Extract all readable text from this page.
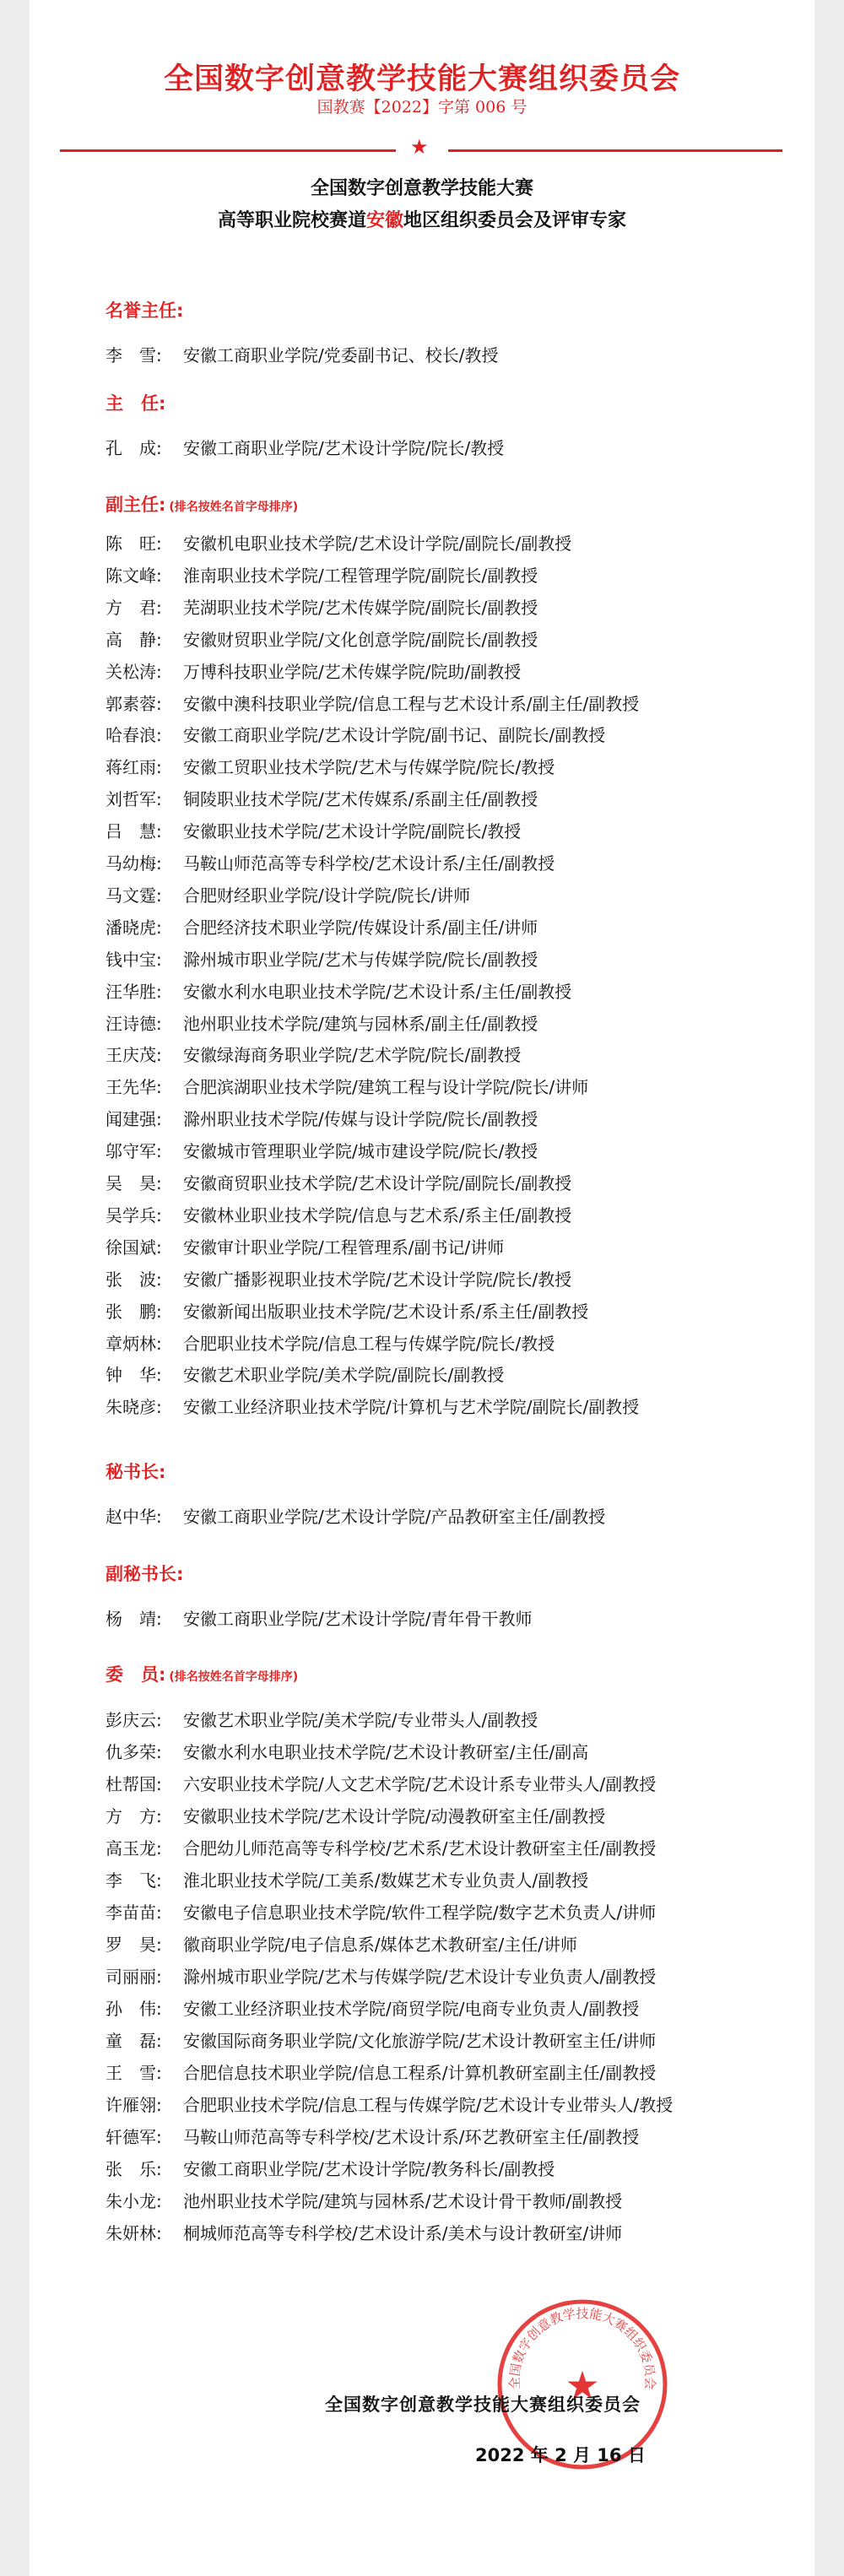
全国数字创意教学技能大赛组织委员会
国教赛【2022】字第 006 号
★
全国数字创意教学技能大赛
高等职业院校赛道安徽地区组织委员会及评审专家
名誉主任:
李　雪: 安徽工商职业学院/党委副书记、校长/教授
主　任:
孔　成: 安徽工商职业学院/艺术设计学院/院长/教授
副主任: (排名按姓名首字母排序)
陈　旺: 安徽机电职业技术学院/艺术设计学院/副院长/副教授
陈文峰: 淮南职业技术学院/工程管理学院/副院长/副教授
方　君: 芜湖职业技术学院/艺术传媒学院/副院长/副教授
高　静: 安徽财贸职业学院/文化创意学院/副院长/副教授
关松涛: 万博科技职业学院/艺术传媒学院/院助/副教授
郭素蓉: 安徽中澳科技职业学院/信息工程与艺术设计系/副主任/副教授
哈春浪: 安徽工商职业学院/艺术设计学院/副书记、副院长/副教授
蒋红雨: 安徽工贸职业技术学院/艺术与传媒学院/院长/教授
刘哲军: 铜陵职业技术学院/艺术传媒系/系副主任/副教授
吕　慧: 安徽职业技术学院/艺术设计学院/副院长/教授
马幼梅: 马鞍山师范高等专科学校/艺术设计系/主任/副教授
马文霆: 合肥财经职业学院/设计学院/院长/讲师
潘晓虎: 合肥经济技术职业学院/传媒设计系/副主任/讲师
钱中宝: 滁州城市职业学院/艺术与传媒学院/院长/副教授
汪华胜: 安徽水利水电职业技术学院/艺术设计系/主任/副教授
汪诗德: 池州职业技术学院/建筑与园林系/副主任/副教授
王庆茂: 安徽绿海商务职业学院/艺术学院/院长/副教授
王先华: 合肥滨湖职业技术学院/建筑工程与设计学院/院长/讲师
闻建强: 滁州职业技术学院/传媒与设计学院/院长/副教授
邬守军: 安徽城市管理职业学院/城市建设学院/院长/教授
吴　昊: 安徽商贸职业技术学院/艺术设计学院/副院长/副教授
吴学兵: 安徽林业职业技术学院/信息与艺术系/系主任/副教授
徐国斌: 安徽审计职业学院/工程管理系/副书记/讲师
张　波: 安徽广播影视职业技术学院/艺术设计学院/院长/教授
张　鹏: 安徽新闻出版职业技术学院/艺术设计系/系主任/副教授
章炳林: 合肥职业技术学院/信息工程与传媒学院/院长/教授
钟　华: 安徽艺术职业学院/美术学院/副院长/副教授
朱晓彦: 安徽工业经济职业技术学院/计算机与艺术学院/副院长/副教授
秘书长:
赵中华: 安徽工商职业学院/艺术设计学院/产品教研室主任/副教授
副秘书长:
杨　靖: 安徽工商职业学院/艺术设计学院/青年骨干教师
委　员: (排名按姓名首字母排序)
彭庆云: 安徽艺术职业学院/美术学院/专业带头人/副教授
仇多荣: 安徽水利水电职业技术学院/艺术设计教研室/主任/副高
杜帮国: 六安职业技术学院/人文艺术学院/艺术设计系专业带头人/副教授
方　方: 安徽职业技术学院/艺术设计学院/动漫教研室主任/副教授
高玉龙: 合肥幼儿师范高等专科学校/艺术系/艺术设计教研室主任/副教授
李　飞: 淮北职业技术学院/工美系/数媒艺术专业负责人/副教授
李苗苗: 安徽电子信息职业技术学院/软件工程学院/数字艺术负责人/讲师
罗　昊: 徽商职业学院/电子信息系/媒体艺术教研室/主任/讲师
司丽丽: 滁州城市职业学院/艺术与传媒学院/艺术设计专业负责人/副教授
孙　伟: 安徽工业经济职业技术学院/商贸学院/电商专业负责人/副教授
童　磊: 安徽国际商务职业学院/文化旅游学院/艺术设计教研室主任/讲师
王　雪: 合肥信息技术职业学院/信息工程系/计算机教研室副主任/副教授
许雁翎: 合肥职业技术学院/信息工程与传媒学院/艺术设计专业带头人/教授
轩德军: 马鞍山师范高等专科学校/艺术设计系/环艺教研室主任/副教授
张　乐: 安徽工商职业学院/艺术设计学院/教务科长/副教授
朱小龙: 池州职业技术学院/建筑与园林系/艺术设计骨干教师/副教授
朱妍林: 桐城师范高等专科学校/艺术设计系/美术与设计教研室/讲师
全国数字创意教学技能大赛组织委员会
★
全国数字创意教学技能大赛组织委员会
2022 年 2 月 16 日
